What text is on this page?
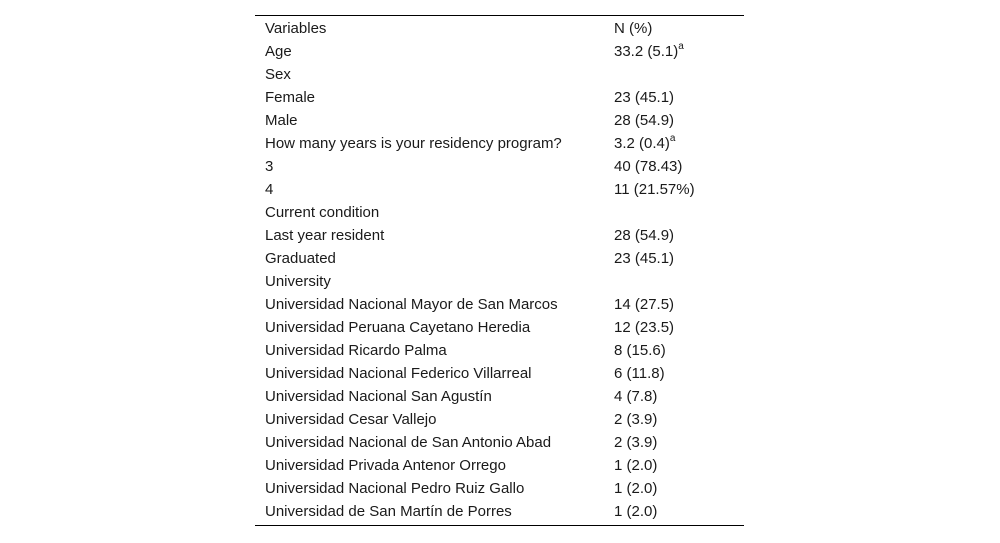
Variables	N (%)
Age	33.2 $(5.1)^a$
Sex
Female	23 (45.1)
Male	28 (54.9)
How many years is your residency program?	3.2 $(0.4)^a$
3	40 (78.43)
4	11 (21.57%)
Current condition
Last year resident	28 (54.9)
Graduated	23 (45.1)
University
Universidad Nacional Mayor de San Marcos	14 (27.5)
Universidad Peruana Cayetano Heredia	12 (23.5)
Universidad Ricardo Palma	8 (15.6)
Universidad Nacional Federico Villarreal	6 (11.8)
Universidad Nacional San Agustín	4 (7.8)
Universidad Cesar Vallejo	2 (3.9)
Universidad Nacional de San Antonio Abad	2 (3.9)
Universidad Privada Antenor Orrego	1 (2.0)
Universidad Nacional Pedro Ruiz Gallo	1 (2.0)
Universidad de San Martín de Porres	1 (2.0)
